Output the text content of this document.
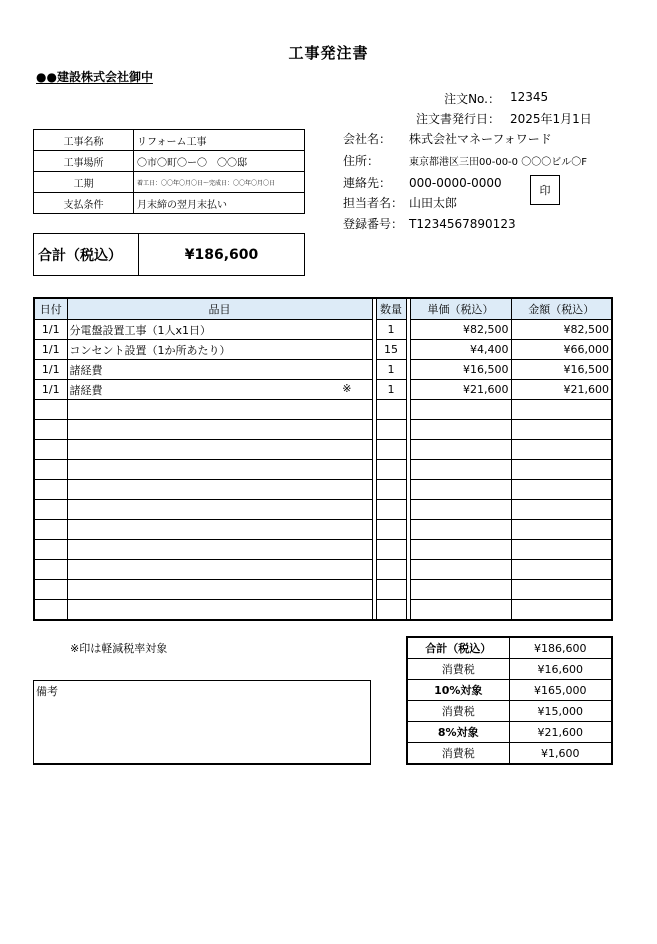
工事発注書
●●建設株式会社御中
注文No.： 12345
注文書発行日： 2025年1月1日
工事名称	リフォーム工事
工事場所	〇市〇町〇ー〇　〇〇邸
工期	着工日：〇〇年〇月〇日～完成日：〇〇年〇月〇日
支払条件	月末締の翌月末払い
会社名： 株式会社マネーフォワード
住所：	東京都港区三田00-00-0 〇〇〇ビル〇F
連絡先： 000-0000-0000
担当者名： 山田太郎
登録番号： T1234567890123
印
合計（税込）	¥186,600
日付	品目		数量		単価（税込）	金額（税込）
1/1	分電盤設置工事（1人x1日）		1		¥82,500	¥82,500
1/1	コンセント設置（1か所あたり）		15		¥4,400	¥66,000
1/1	諸経費		1		¥16,500	¥16,500
1/1	諸経費 ※		1		¥21,600	¥21,600

※印は軽減税率対象
備考
合計（税込）	¥186,600
消費税	¥16,600
10%対象	¥165,000
消費税	¥15,000
8%対象	¥21,600
消費税	¥1,600
